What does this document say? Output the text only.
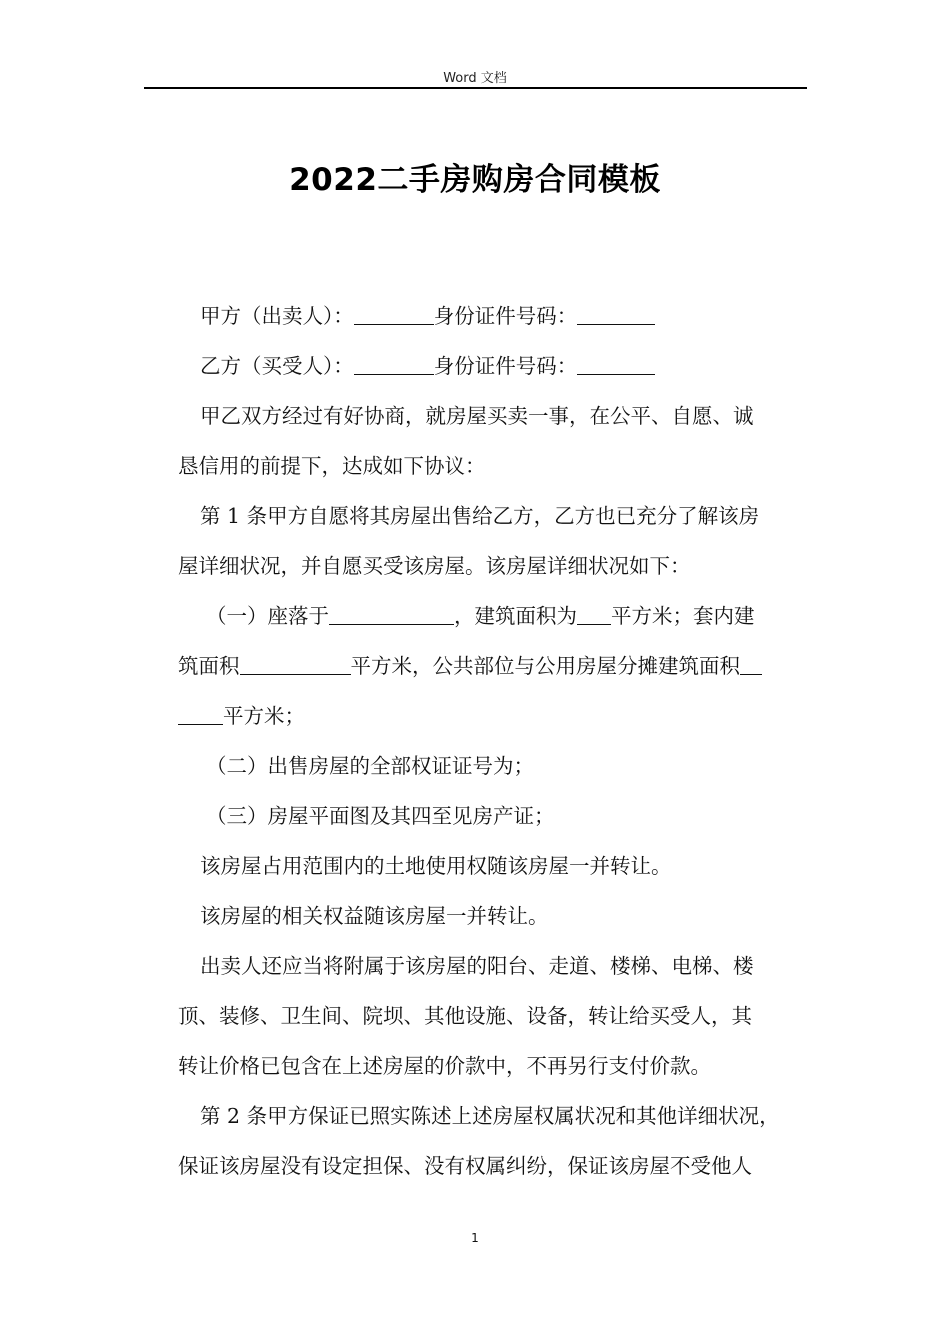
Word 文档
2022二手房购房合同模板
甲方（出卖人）：	身份证件号码：
乙方（买受人）：	身份证件号码：
甲乙双方经过有好协商，就房屋买卖一事，在公平、自愿、诚
恳信用的前提下，达成如下协议：
第 1 条甲方自愿将其房屋出售给乙方，乙方也已充分了解该房
屋详细状况，并自愿买受该房屋。该房屋详细状况如下：
（一）座落于	，建筑面积为 平方米；套内建
筑面积	平方米，公共部位与公用房屋分摊建筑面积
平方米；
（二）出售房屋的全部权证证号为；
（三）房屋平面图及其四至见房产证；
该房屋占用范围内的土地使用权随该房屋一并转让。
该房屋的相关权益随该房屋一并转让。
出卖人还应当将附属于该房屋的阳台、走道、楼梯、电梯、楼
顶、装修、卫生间、院坝、其他设施、设备，转让给买受人，其
转让价格已包含在上述房屋的价款中，不再另行支付价款。
第 2 条甲方保证已照实陈述上述房屋权属状况和其他详细状况，
保证该房屋没有设定担保、没有权属纠纷，保证该房屋不受他人
1
